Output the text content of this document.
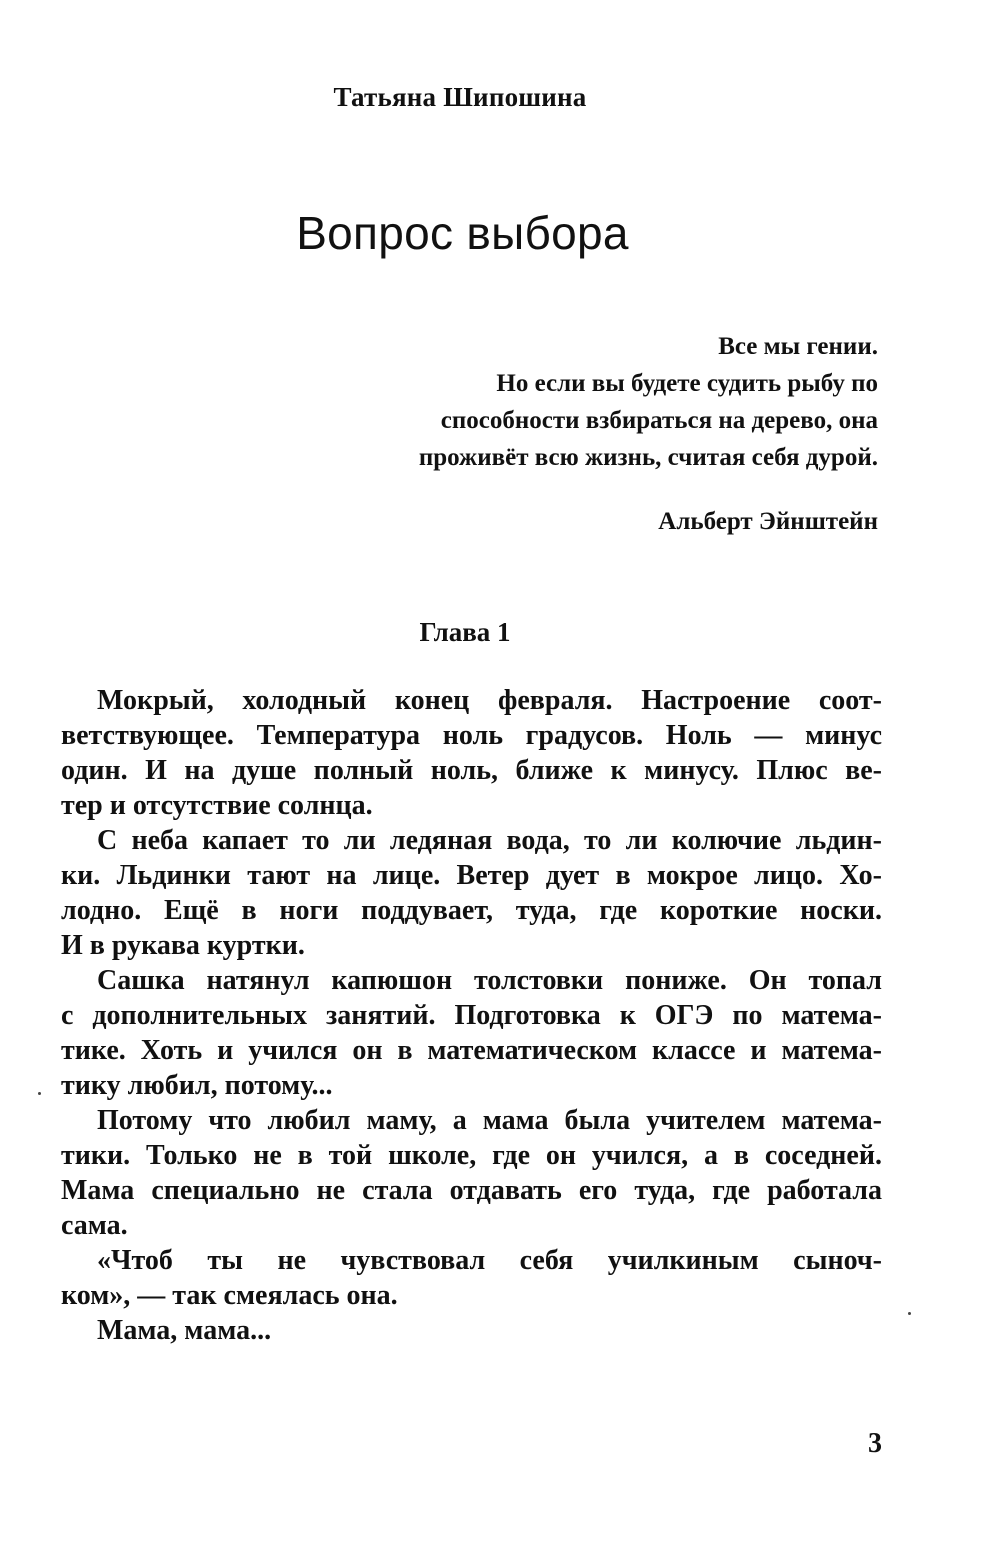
Татьяна Шипошина
Вопрос выбора
Все мы гении.
Но если вы будете судить рыбу по
способности взбираться на дерево, она
проживёт всю жизнь, считая себя дурой.
Альберт Эйнштейн
Глава 1
Мокрый, холодный конец февраля. Настроение соот-
ветствующее. Температура ноль градусов. Ноль — минус
один. И на душе полный ноль, ближе к минусу. Плюс ве-
тер и отсутствие солнца.
С неба капает то ли ледяная вода, то ли колючие льдин-
ки. Льдинки тают на лице. Ветер дует в мокрое лицо. Хо-
лодно. Ещё в ноги поддувает, туда, где короткие носки.
И в рукава куртки.
Сашка натянул капюшон толстовки пониже. Он топал
с дополнительных занятий. Подготовка к ОГЭ по матема-
тике. Хоть и учился он в математическом классе и матема-
тику любил, потому...
Потому что любил маму, а мама была учителем матема-
тики. Только не в той школе, где он учился, а в соседней.
Мама специально не стала отдавать его туда, где работала
сама.
«Чтоб ты не чувствовал себя училкиным сыноч-
ком», — так смеялась она.
Мама, мама...
3
